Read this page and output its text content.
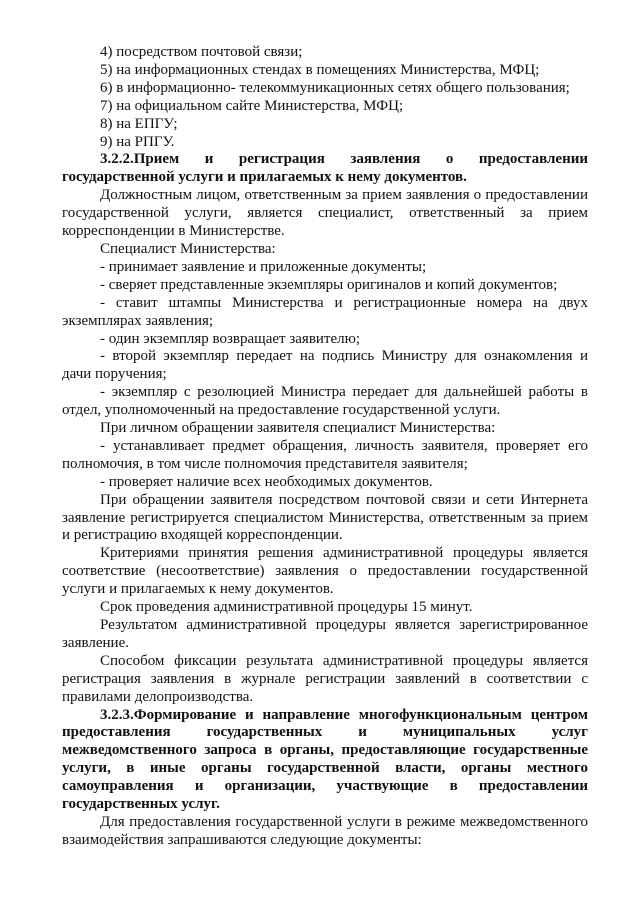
4) посредством почтовой связи;

5) на информационных стендах в помещениях Министерства, МФЦ;

6) в информационно- телекоммуникационных сетях общего пользования;

7) на официальном сайте Министерства, МФЦ;

8) на ЕПГУ;

9) на РПГУ.

3.2.2.Прием и регистрация заявления о предоставлении государственной услуги и прилагаемых к нему документов.

Должностным лицом, ответственным за прием заявления о предоставлении государственной услуги, является специалист, ответственный за прием корреспонденции в Министерстве.

Специалист Министерства:

- принимает заявление и приложенные документы;

- сверяет представленные экземпляры оригиналов и копий документов;

- ставит штампы Министерства и регистрационные номера на двух экземплярах заявления;

- один экземпляр возвращает заявителю;

- второй экземпляр передает на подпись Министру для ознакомления и дачи поручения;

- экземпляр с резолюцией Министра передает для дальнейшей работы в отдел, уполномоченный на предоставление государственной услуги.

При личном обращении заявителя специалист Министерства:

- устанавливает предмет обращения, личность заявителя, проверяет его полномочия, в том числе полномочия представителя заявителя;

- проверяет наличие всех необходимых документов.

При обращении заявителя посредством почтовой связи и сети Интернета заявление регистрируется специалистом Министерства, ответственным за прием и регистрацию входящей корреспонденции.

Критериями принятия решения административной процедуры является соответствие (несоответствие) заявления о предоставлении государственной услуги и прилагаемых к нему документов.

Срок проведения административной процедуры 15 минут.

Результатом административной процедуры является зарегистрированное заявление.

Способом фиксации результата административной процедуры является регистрация заявления в журнале регистрации заявлений в соответствии с правилами делопроизводства.

3.2.3.Формирование и направление многофункциональным центром предоставления государственных и муниципальных услуг межведомственного запроса в органы, предоставляющие государственные услуги, в иные органы государственной власти, органы местного самоуправления и организации, участвующие в предоставлении государственных услуг.

Для предоставления государственной услуги в режиме межведомственного взаимодействия запрашиваются следующие документы:
